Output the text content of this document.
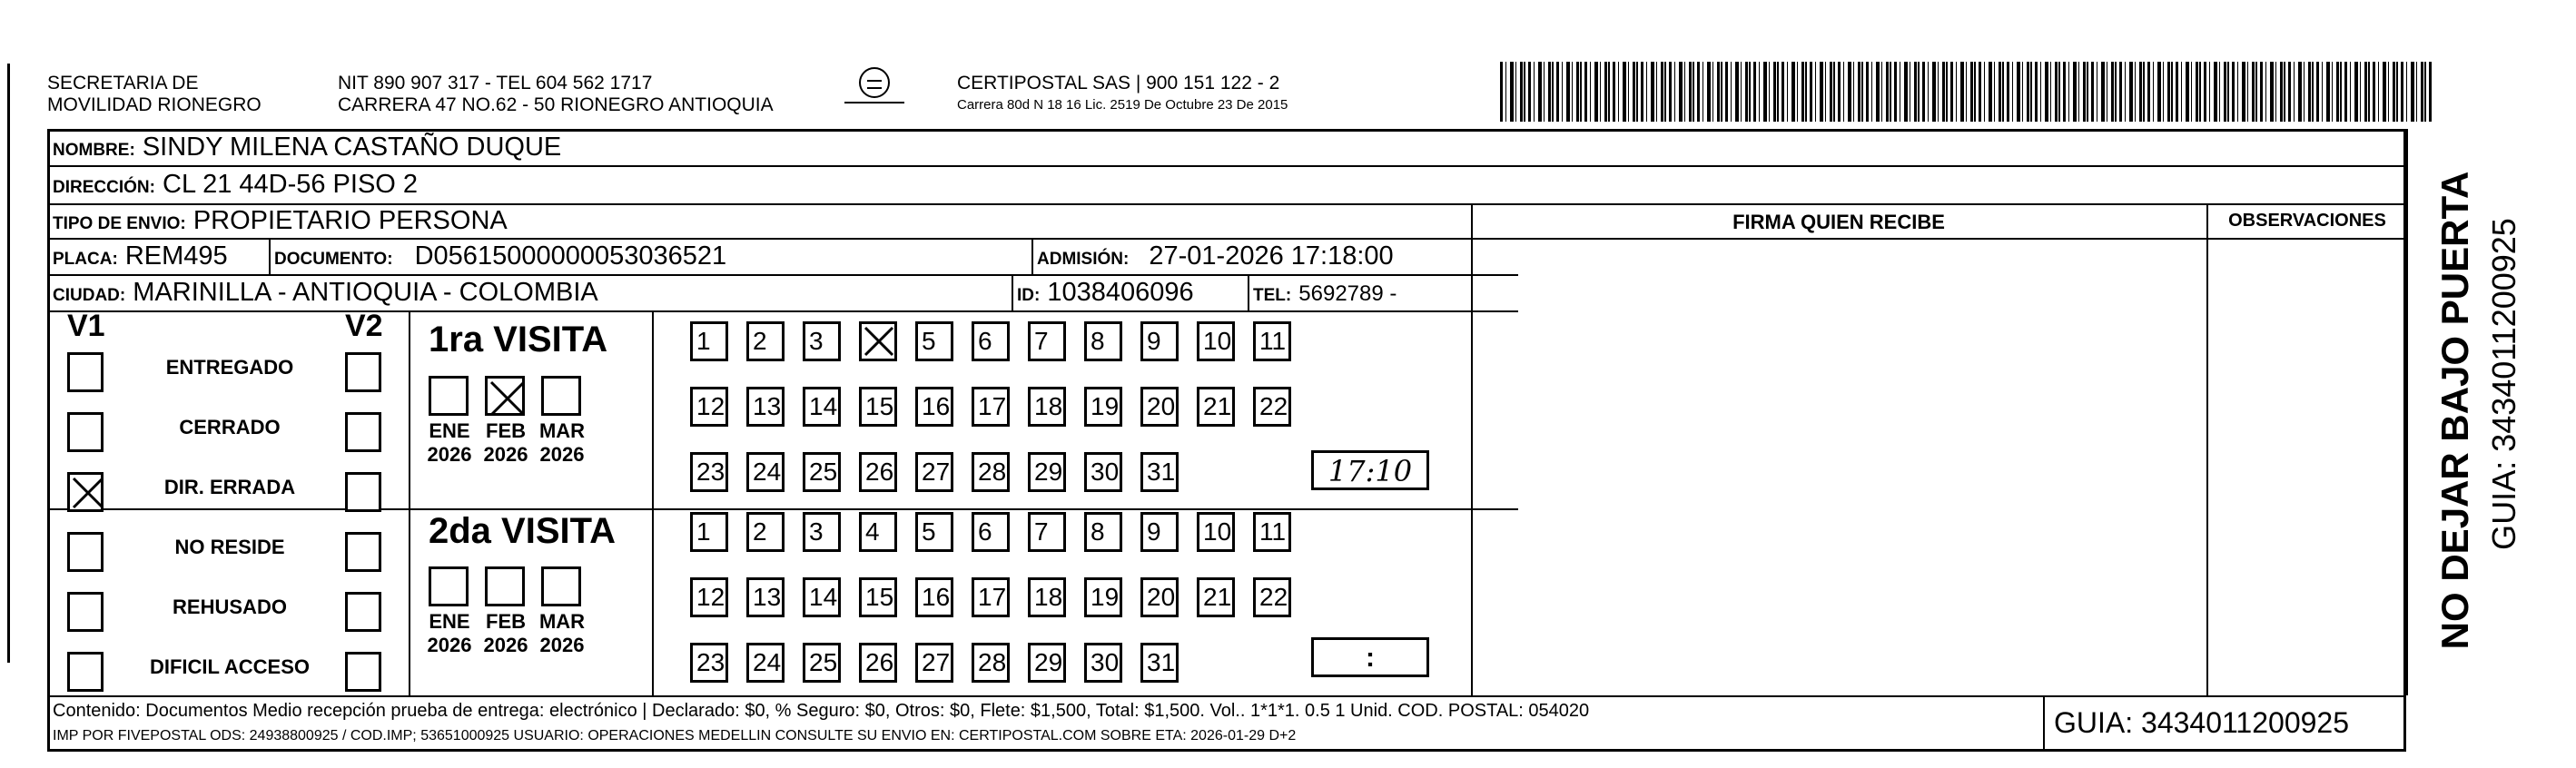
SECRETARIA DE
MOVILIDAD RIONEGRO
NIT 890 907 317 - TEL 604 562 1717
CARRERA 47 NO.62 - 50 RIONEGRO ANTIOQUIA
CERTIPOSTAL SAS | 900 151 122 - 2
Carrera 80d N 18 16 Lic. 2519 De Octubre 23 De 2015
NOMBRE: SINDY MILENA CASTAÑO DUQUE
DIRECCIÓN: CL 21 44D-56 PISO 2
TIPO DE ENVIO: PROPIETARIO PERSONA	FIRMA QUIEN RECIBE	OBSERVACIONES
PLACA: REM495	DOCUMENTO: D05615000000053036521	ADMISIÓN: 27-01-2026 17:18:00
CIUDAD: MARINILLA - ANTIOQUIA - COLOMBIA	ID: 1038406096	TEL: 5692789 -
V1	V2
ENTREGADO
CERRADO
DIR. ERRADA
NO RESIDE
REHUSADO
DIFICIL ACCESO
1ra VISITA
2da VISITA
ENE
2026
FEB
2026
MAR
2026
1	2	3	5	6	7	8	9	10 11
12 13 14 15 16 17 18 19 20 21 22
23 24 25 26 27 28 29 30 31
ENE
2026
FEB
2026
MAR
2026
1	2	3	4	5	6	7	8	9	10 11
12 13 14 15 16 17 18 19 20 21 22
23 24 25 26 27 28 29 30 31
17:10
:
NO DEJAR BAJO PUERTA GUIA: 3434011200925
Contenido: Documentos Medio recepción prueba de entrega: electrónico | Declarado: $0, % Seguro: $0, Otros: $0, Flete: $1,500, Total: $1,500. Vol.. 1*1*1. 0.5 1 Unid. COD. POSTAL: 054020
IMP POR FIVEPOSTAL ODS: 24938800925 / COD.IMP; 53651000925 USUARIO: OPERACIONES MEDELLIN CONSULTE SU ENVIO EN: CERTIPOSTAL.COM SOBRE ETA: 2026-01-29 D+2	GUIA: 3434011200925
